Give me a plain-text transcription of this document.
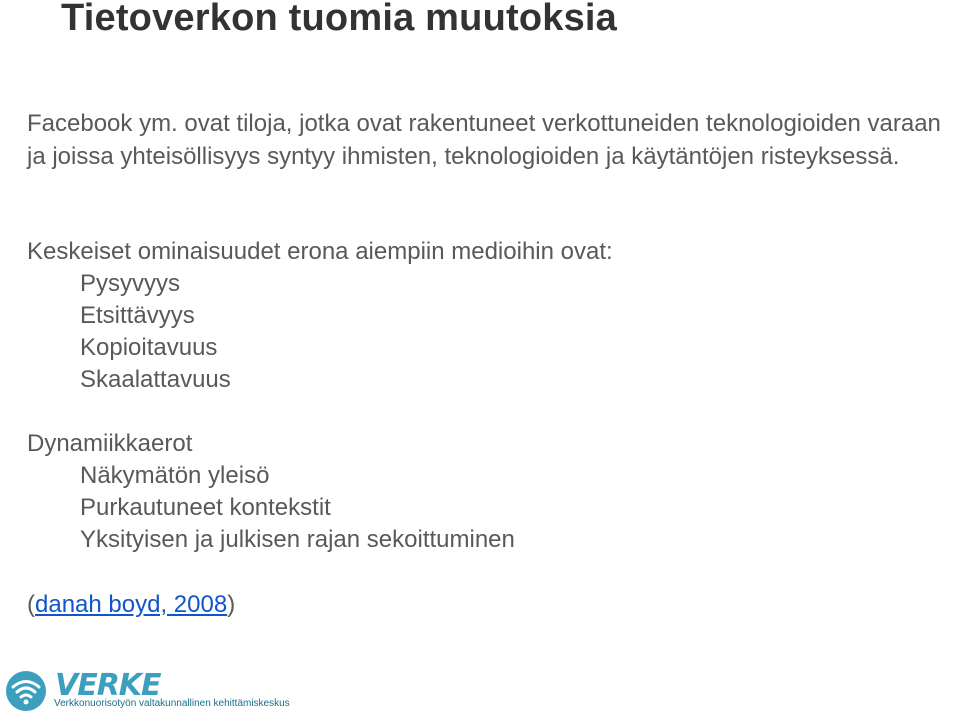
Tietoverkon tuomia muutoksia

Facebook ym. ovat tiloja, jotka ovat rakentuneet verkottuneiden teknologioiden varaan ja joissa yhteisöllisyys syntyy ihmisten, teknologioiden ja käytäntöjen risteyksessä.

Keskeiset ominaisuudet erona aiempiin medioihin ovat:
Pysyvyys
Etsittävyys
Kopioitavuus
Skaalattavuus
Dynamiikkaerot
Näkymätön yleisö
Purkautuneet kontekstit
Yksityisen ja julkisen rajan sekoittuminen

(danah boyd, 2008)

VERKE
Verkkonuorisotyön valtakunnallinen kehittämiskeskus
